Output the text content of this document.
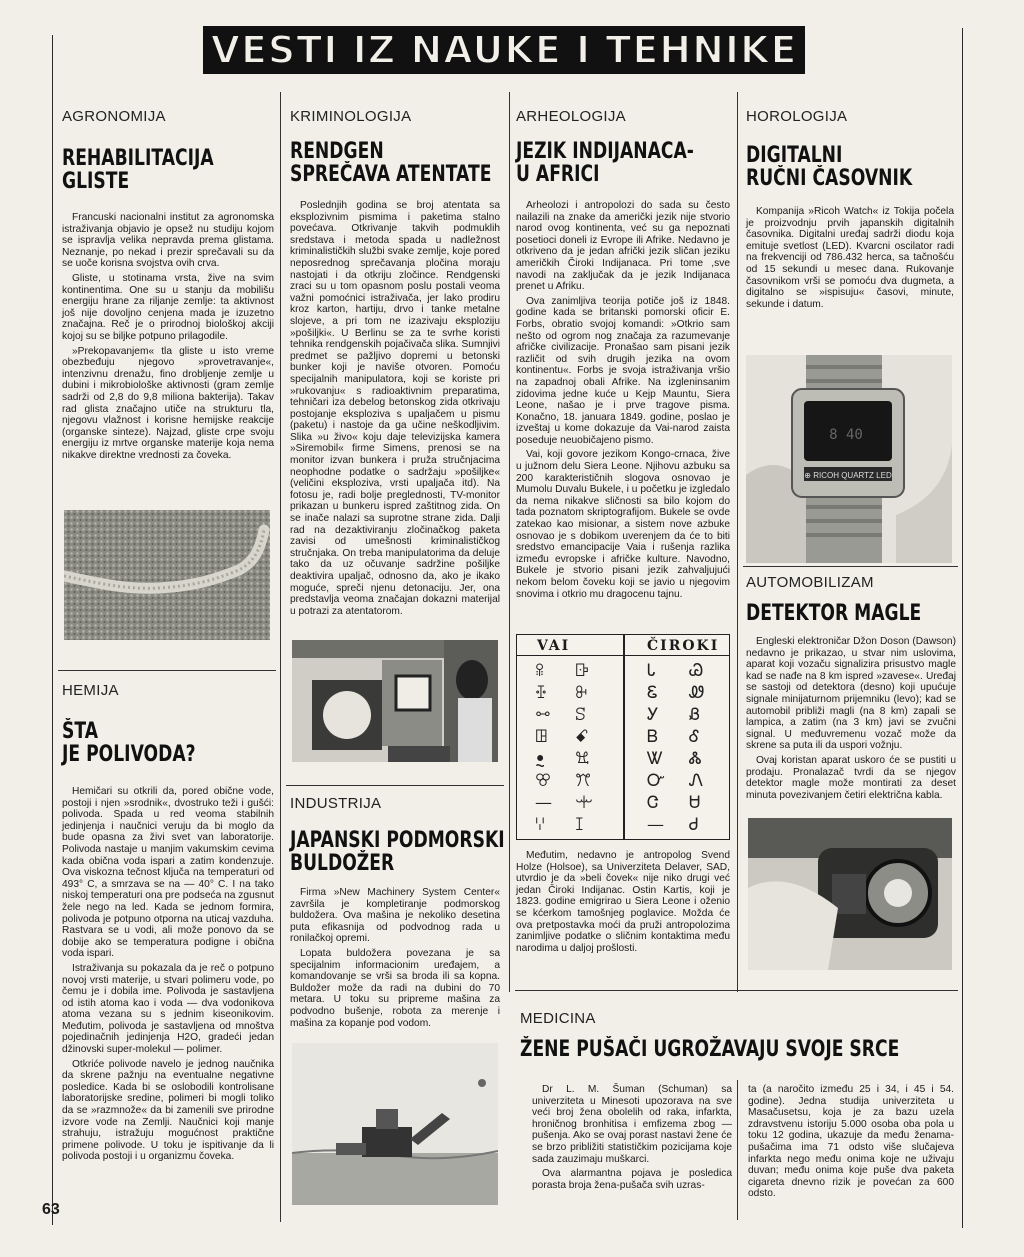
VESTI IZ NAUKE I TEHNIKE

AGRONOMIJA

REHABILITACIJA

GLISTE

Francuski nacionalni institut za agronomska istraživanja objavio je opsež nu studiju kojom se ispravlja velika nepravda prema glistama. Neznanje, po nekad i prezir sprečavali su da se uoče korisna svojstva ovih crva.

Gliste, u stotinama vrsta, žive na svim kontinentima. One su u stanju da mobilišu energiju hrane za riljanje zemlje: ta aktivnost još nije dovoljno cenjena mada je izuzetno značajna. Reč je o prirodnoj biološkoj akciji kojoj su se biljke potpuno prilagodile.

»Prekopavanjem« tla gliste u isto vreme obezbeđuju njegovo »provetravanje«, intenzivnu drenažu, fino drobljenje zemlje u dubini i mikrobiološke aktivnosti (gram zemlje sadrži od 2,8 do 9,8 miliona bakterija). Takav rad glista značajno utiče na strukturu tla, njegovu vlažnost i korisne hemijske reakcije (organske sinteze). Najzad, gliste crpe svoju energiju iz mrtve organske materije koja nema nikakve direktne vrednosti za čoveka.

HEMIJA

ŠTA

JE POLIVODA?

Hemičari su otkrili da, pored obične vode, postoji i njen »srodnik«, dvostruko teži i gušći: polivoda. Spada u red veoma stabilnih jedinjenja i naučnici veruju da bi moglo da bude opasna za živi svet van laboratorije. Polivoda nastaje u manjim vakumskim cevima kada obična voda ispari a zatim kondenzuje. Ova viskozna tečnost ključa na temperaturi od 493° C, a smrzava se na — 40° C. I na tako niskoj temperaturi ona pre podseća na zgusnut žele nego na led. Kada se jednom formira, polivoda je potpuno otporna na uticaj vazduha. Rastvara se u vodi, ali može ponovo da se dobije ako se temperatura podigne i obična voda ispari.

Istraživanja su pokazala da je reč o potpuno novoj vrsti materije, u stvari polimeru vode, po čemu je i dobila ime. Polivoda je sastavljena od istih atoma kao i voda — dva vodonikova atoma vezana su s jednim kiseonikovim. Međutim, polivoda je sastavljena od mnoštva pojedinačnih jedinjenja H2O, gradeći jedan džinovski super-molekul — polimer.

Otkriće polivode navelo je jednog naučnika da skrene pažnju na eventualne negativne posledice. Kada bi se oslobodili kontrolisane laboratorijske sredine, polimeri bi mogli toliko da se »razmnože« da bi zamenili sve prirodne izvore vode na Zemlji. Naučnici koji manje strahuju, istražuju mogućnost praktične primene polivode. U toku je ispitivanje da li polivoda postoji i u organizmu čoveka.

KRIMINOLOGIJA

RENDGEN

SPREČAVA ATENTATE

Poslednjih godina se broj atentata sa eksplozivnim pismima i paketima stalno povećava. Otkrivanje takvih podmuklih sredstava i metoda spada u nadležnost kriminalističkih službi svake zemlje, koje pored neposrednog sprečavanja pločina moraju nastojati i da otkriju zločince. Rendgenski zraci su u tom opasnom poslu postali veoma važni pomoćnici istraživača, jer lako prodiru kroz karton, hartiju, drvo i tanke metalne slojeve, a pri tom ne izazivaju eksploziju »pošiljki«. U Berlinu se za te svrhe koristi tehnika rendgenskih pojačivača slika. Sumnjivi predmet se pažljivo dopremi u betonski bunker koji je naviše otvoren. Pomoću specijalnih manipulatora, koji se koriste pri »rukovanju« s radioaktivnim preparatima, tehničari iza debelog betonskog zida otkrivaju postojanje eksploziva s upaljačem u pismu (paketu) i nastoje da ga učine neškodljivim. Slika »u živo« koju daje televizijska kamera »Siremobil« firme Simens, prenosi se na monitor izvan bunkera i pruža stručnjacima neophodne podatke o sadržaju »pošiljke« (veličini eksploziva, vrsti upaljača itd). Na fotosu je, radi bolje preglednosti, TV-monitor prikazan u bunkeru ispred zaštitnog zida. On se inače nalazi sa suprotne strane zida. Dalji rad na dezaktiviranju zločinačkog paketa zavisi od umešnosti kriminalističkog stručnjaka. On treba manipulatorima da deluje tako da uz očuvanje sadržine pošiljke deaktivira upaljač, odnosno da, ako je ikako moguće, spreči njenu detonaciju. Jer, ona predstavlja veoma značajan dokazni materijal u potrazi za atentatorom.

INDUSTRIJA

JAPANSKI PODMORSKI

BULDOŽER

Firma »New Machinery System Center« završila je kompletiranje podmorskog buldožera. Ova mašina je nekoliko desetina puta efikasnija od podvodnog rada u ronilačkoj opremi.

Lopata buldožera povezana je sa specijalnim informacionim uređajem, a komandovanje se vrši sa broda ili sa kopna. Buldožer može da radi na dubini do 70 metara. U toku su pripreme mašina za podvodno bušenje, robota za merenje i mašina za kopanje pod vodom.

ARHEOLOGIJA

JEZIK INDIJANACA-

U AFRICI

Arheolozi i antropolozi do sada su često nailazili na znake da američki jezik nije stvorio narod ovog kontinenta, već su ga nepoznati posetioci doneli iz Evrope ili Afrike. Nedavno je otkriveno da je jedan afrički jezik sličan jeziku američkih Čiroki Indijanaca. Pri tome ,sve navodi na zaključak da je jezik Indijanaca prenet u Afriku.

Ova zanimljiva teorija potiče još iz 1848. godine kada se britanski pomorski oficir E. Forbs, obratio svojoj komandi: »Otkrio sam nešto od ogrom nog značaja za razumevanje afričke civilizacije. Pronašao sam pisani jezik različit od svih drugih jezika na ovom kontinentu«. Forbs je svoja istraživanja vršio na zapadnoj obali Afrike. Na izgleninsanim zidovima jedne kuće u Kejp Mauntu, Siera Leone, našao je i prve tragove pisma. Konačno, 18. januara 1849. godine, poslao je izveštaj u kome dokazuje da Vai-narod zaista poseduje neuobičajeno pismo.

Vai, koji govore jezikom Kongo-crnaca, žive u južnom delu Siera Leone. Njihovu azbuku sa 200 karakterističnih slogova osnovao je Mumolu Duvalu Bukele, i u početku je izgledalo da nema nikakve sličnosti sa bilo kojom do tada poznatom skriptografijom. Bukele se ovde zatekao kao misionar, a sistem nove azbuke osnovao je s dobikom uverenjem da će to biti sredstvo emancipacije Vaia i rušenja razlika između evropske i afričke kulture. Navodno, Bukele je stvorio pisani jezik zahvaljujući nekom belom čoveku koji se javio u njegovim snovima i otkrio mu dragocenu tajnu.

VAI	ČIROKI
ꕉ
ꔀ
ꗬ
ꖸ
ꔸ
ꕢ
—
ꗷ
ꕒ
ꔬ
ꕶ
ꗃ
ꖐ
ꔫ
ꗻ
ꕯ
Ꮣ
Ꮛ
Ꭹ
Ᏼ
Ꮤ
Ꮕ
Ꮳ
—
Ꮚ
Ꮺ
Ᏸ
Ꮄ
Ꮬ
Ꮑ
Ꮜ
Ꮷ

Međutim, nedavno je antropolog Svend Holze (Holsoe), sa Univerziteta Delaver, SAD, utvrdio je da »beli čovek« nije niko drugi već jedan Čiroki Indijanac. Ostin Kartis, koji je 1823. godine emigrirao u Siera Leone i oženio se kćerkom tamošnjeg poglavice. Možda će ova pretpostavka moći da pruži antropolozima zanimljive podatke o sličnim kontaktima među narodima u daljoj prošlosti.

HOROLOGIJA

DIGITALNI

RUČNI ČASOVNIK

Kompanija »Ricoh Watch« iz Tokija počela je proizvodnju prvih japanskih digitalnih časovnika. Digitalni uređaj sadrži diodu koja emituje svetlost (LED). Kvarcni oscilator radi na frekvenciji od 786.432 herca, sa tačnošću od 15 sekundi u mesec dana. Rukovanje časovnikom vrši se pomoću dva dugmeta, a digitalno se »ispisuju« časovi, minute, sekunde i datum.

8 40
⊕ RICOH QUARTZ LED

AUTOMOBILIZAM

DETEKTOR MAGLE

Engleski elektroničar Džon Doson (Dawson) nedavno je prikazao, u stvar nim uslovima, aparat koji vozaču signalizira prisustvo magle kad se nađe na 8 km ispred »zavese«. Uređaj se sastoji od detektora (desno) koji upućuje signale minijaturnom prijemniku (levo); kad se automobil približi magli (na 8 km) zapali se lampica, a zatim (na 3 km) javi se zvučni signal. U međuvremenu vozač može da skrene sa puta ili da uspori vožnju.

Ovaj koristan aparat uskoro će se pustiti u prodaju. Pronalazač tvrdi da se njegov detektor magle može montirati za deset minuta povezivanjem četiri električna kabla.

MEDICINA

ŽENE PUŠAČI UGROŽAVAJU SVOJE SRCE

Dr L. M. Šuman (Schuman) sa univerziteta u Minesoti upozorava na sve veći broj žena obolelih od raka, infarkta, hroničnog bronhitisa i emfizema zbog — pušenja. Ako se ovaj porast nastavi žene će se brzo približiti statističkim pozicijama koje sada zauzimaju muškarci.

Ova alarmantna pojava je posledica porasta broja žena-pušača svih uzras-

ta (a naročito između 25 i 34, i 45 i 54. godine). Jedna studija univerziteta u Masačusetsu, koja je za bazu uzela zdravstvenu istoriju 5.000 osoba oba pola u toku 12 godina, ukazuje da među ženama-pušačima ima 71 odsto više slučajeva infarkta nego među onima koje ne uživaju duvan; među onima koje puše dva paketa cigareta dnevno rizik je povećan za 600 odsto.

63
